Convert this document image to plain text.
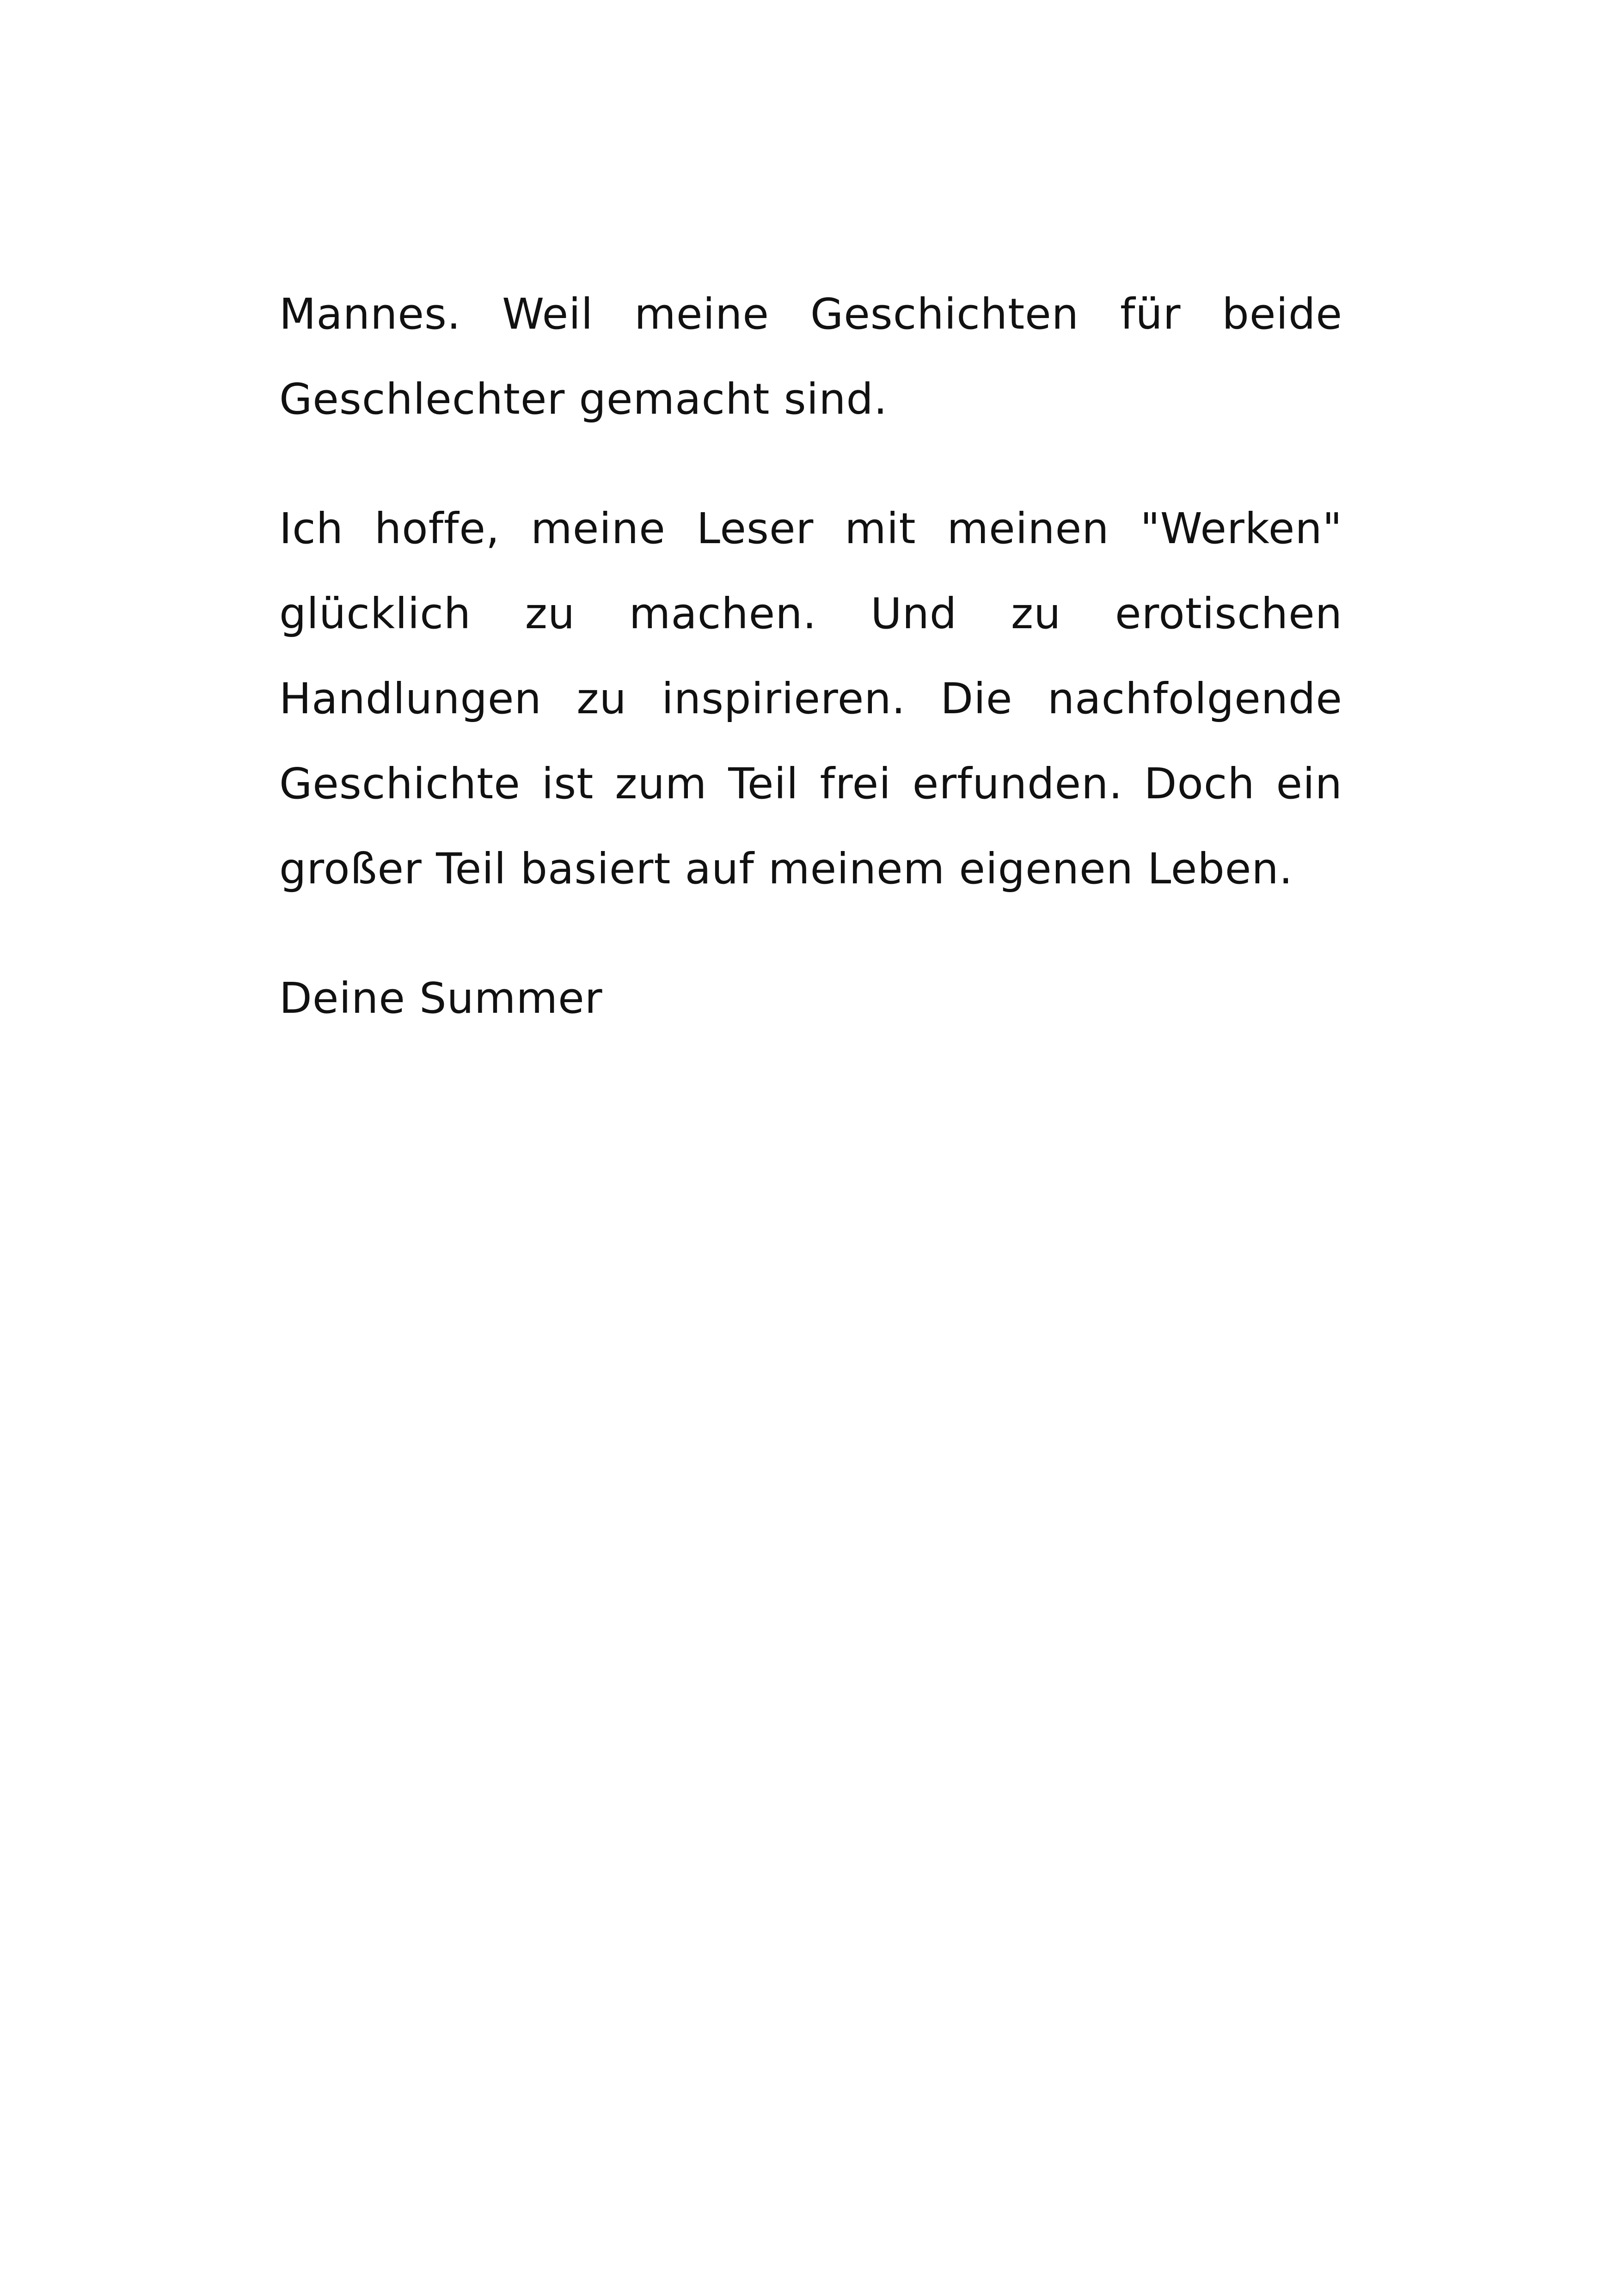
Mannes. Weil meine Geschichten für beide Geschlechter gemacht sind.

Ich hoffe, meine Leser mit meinen "Werken" glücklich zu machen. Und zu erotischen Handlungen zu inspirieren. Die nachfolgende Geschichte ist zum Teil frei erfunden. Doch ein großer Teil basiert auf meinem eigenen Leben.

Deine Summer
